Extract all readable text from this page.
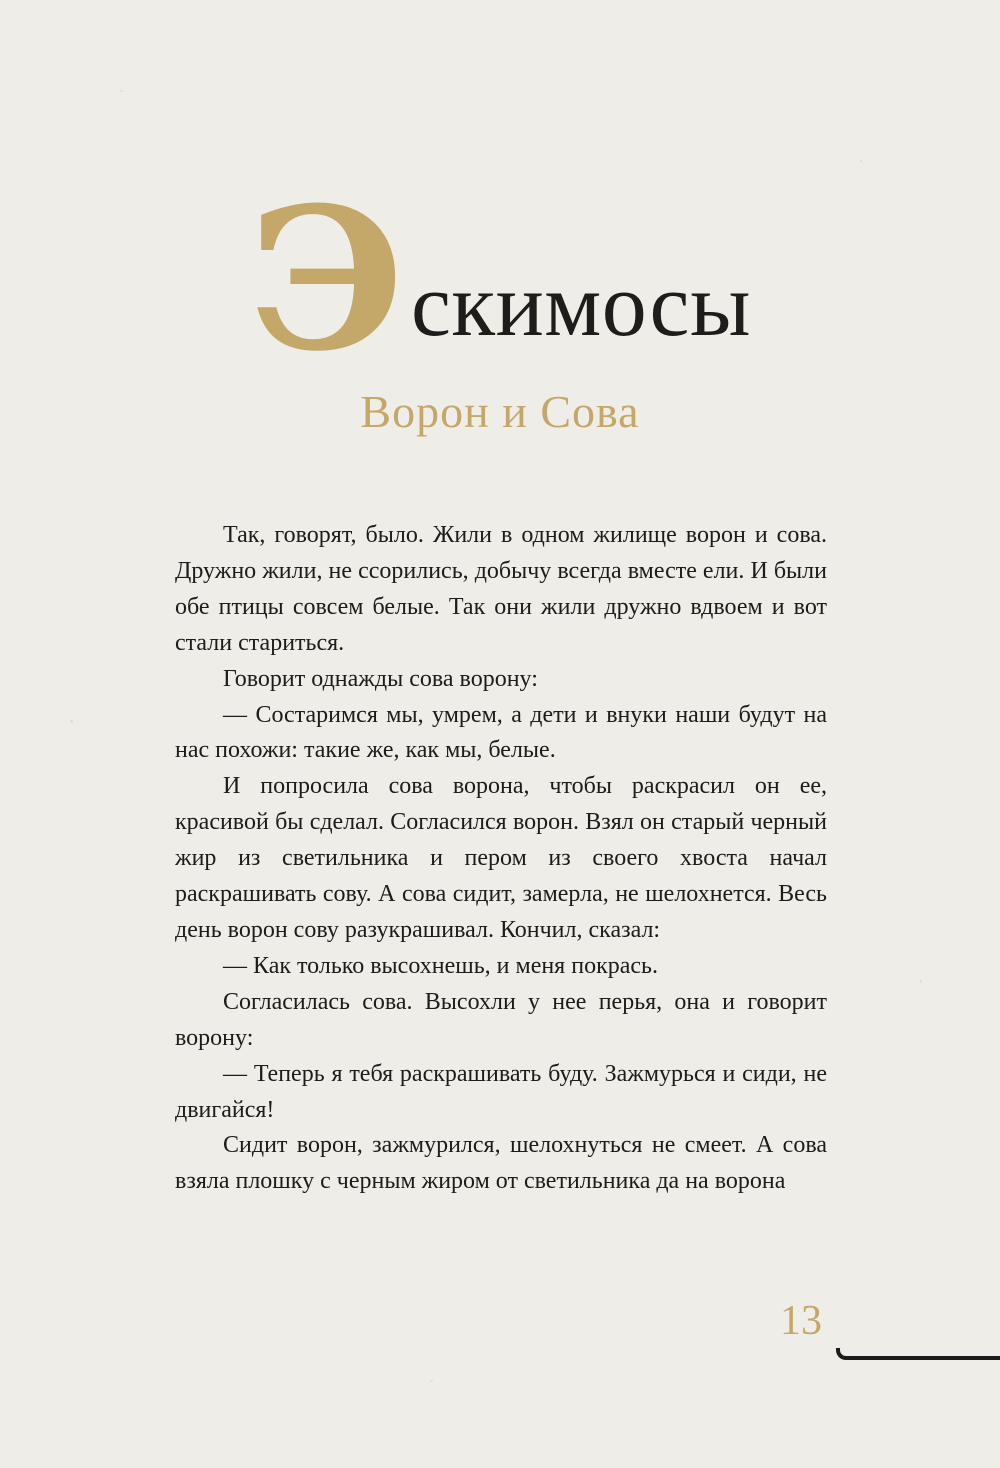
Э скимосы
Ворон и Сова

Так, говорят, было. Жили в одном жилище ворон и сова. Дружно жили, не ссорились, добычу всегда вместе ели. И были обе птицы совсем белые. Так они жили дружно вдвоем и вот стали стариться.

Говорит однажды сова ворону:

— Состаримся мы, умрем, а дети и внуки наши будут на нас похожи: такие же, как мы, белые.

И попросила сова ворона, чтобы раскрасил он ее, красивой бы сделал. Согласился ворон. Взял он старый черный жир из светильника и пером из своего хвоста начал раскрашивать сову. А сова сидит, замерла, не шелохнется. Весь день ворон сову разукрашивал. Кончил, сказал:

— Как только высохнешь, и меня покрась.

Согласилась сова. Высохли у нее перья, она и говорит ворону:

— Теперь я тебя раскрашивать буду. Зажмурься и сиди, не двигайся!

Сидит ворон, зажмурился, шелохнуться не смеет. А сова взяла плошку с черным жиром от светильника да на ворона

13
